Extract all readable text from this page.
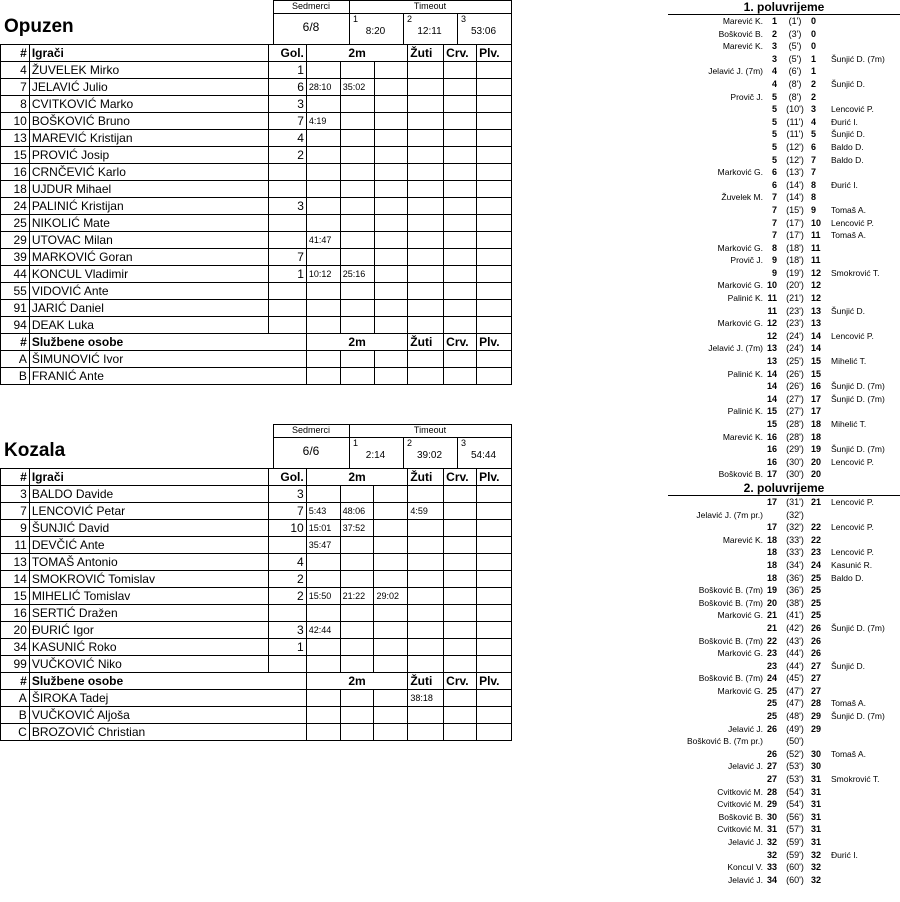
Opuzen
Sedmerci
6/8
Timeout
1
8:20
2
12:11
3
53:06
#	Igrači	Gol.	2m			Žuti	Crv.	Plv.
4	ŽUVELEK Mirko	1						
7	JELAVIĆ Julio	6	28:10	35:02				
8	CVITKOVIĆ Marko	3						
10	BOŠKOVIĆ Bruno	7	4:19					
13	MAREVIĆ Kristijan	4						
15	PROVIĆ Josip	2						
16	CRNČEVIĆ Karlo							
18	UJDUR Mihael							
24	PALINIĆ Kristijan	3						
25	NIKOLIĆ Mate							
29	UTOVAC Milan		41:47					
39	MARKOVIĆ Goran	7						
44	KONCUL Vladimir	1	10:12	25:16				
55	VIDOVIĆ Ante							
91	JARIĆ Daniel							
94	DEAK Luka							
#	Službene osobe		2m			Žuti	Crv.	Plv.
A	ŠIMUNOVIĆ Ivor							
B	FRANIĆ Ante							
Kozala
Sedmerci
6/6
Timeout
1
2:14
2
39:02
3
54:44
#	Igrači	Gol.	2m			Žuti	Crv.	Plv.
3	BALDO Davide	3						
7	LENCOVIĆ Petar	7	5:43	48:06		4:59		
9	ŠUNJIĆ David	10	15:01	37:52				
11	DEVČIĆ Ante		35:47					
13	TOMAŠ Antonio	4						
14	SMOKROVIĆ Tomislav	2						
15	MIHELIĆ Tomislav	2	15:50	21:22	29:02			
16	SERTIĆ Dražen							
20	ĐURIĆ Igor	3	42:44					
34	KASUNIĆ Roko	1						
99	VUČKOVIĆ Niko							
#	Službene osobe		2m			Žuti	Crv.	Plv.
A	ŠIROKA Tadej					38:18		
B	VUČKOVIĆ Aljoša							
C	BROZOVIĆ Christian							
1. poluvrijeme
Marević K. 1	(1')	0
Bošković B. 2	(3')	0
Marević K. 3	(5')	0
3	(5')	1 Šunjić D. (7m)
Jelavić J. (7m) 4	(6')	1
4	(8')	2 Šunjić D.
Provič J. 5	(8')	2
5	(10') 3 Lencović P.
5	(11') 4 Đurić I.
5	(11') 5 Šunjić D.
5	(12') 6 Baldo D.
5	(12') 7 Baldo D.
Marković G. 6	(13') 7
6	(14') 8 Đurić I.
Žuvelek M. 7	(14') 8
7	(15') 9 Tomaš A.
7	(17') 10 Lencović P.
7	(17') 11 Tomaš A.
Marković G. 8	(18') 11
Provič J. 9	(18') 11
9	(19') 12 Smokrović T.
Marković G. 10	(20') 12
Palinić K. 11	(21') 12
11	(23') 13 Šunjić D.
Marković G. 12	(23') 13
12	(24') 14 Lencović P.
Jelavić J. (7m) 13	(24') 14
13	(25') 15 Mihelić T.
Palinić K. 14	(26') 15
14	(26') 16 Šunjić D. (7m)
14	(27') 17 Šunjić D. (7m)
Palinić K. 15	(27') 17
15	(28') 18 Mihelić T.
Marević K. 16	(28') 18
16	(29') 19 Šunjić D. (7m)
16	(30') 20 Lencović P.
Bošković B. 17	(30') 20
2. poluvrijeme
17	(31') 21 Lencović P.
Jelavić J. (7m pr.)	(32')
17	(32') 22 Lencović P.
Marević K. 18	(33') 22
18	(33') 23 Lencović P.
18	(34') 24 Kasunić R.
18	(36') 25 Baldo D.
Bošković B. (7m) 19	(36') 25
Bošković B. (7m) 20	(38') 25
Marković G. 21	(41') 25
21	(42') 26 Šunjić D. (7m)
Bošković B. (7m) 22	(43') 26
Marković G. 23	(44') 26
23	(44') 27 Šunjić D.
Bošković B. (7m) 24	(45') 27
Marković G. 25	(47') 27
25	(47') 28 Tomaš A.
25	(48') 29 Šunjić D. (7m)
Jelavić J. 26	(49') 29
Bošković B. (7m pr.)	(50')
26	(52') 30 Tomaš A.
Jelavić J. 27	(53') 30
27	(53') 31 Smokrović T.
Cvitković M. 28	(54') 31
Cvitković M. 29	(54') 31
Bošković B. 30	(56') 31
Cvitković M. 31	(57') 31
Jelavić J. 32	(59') 31
32	(59') 32 Đurić I.
Koncul V. 33	(60') 32
Jelavić J. 34	(60') 32
